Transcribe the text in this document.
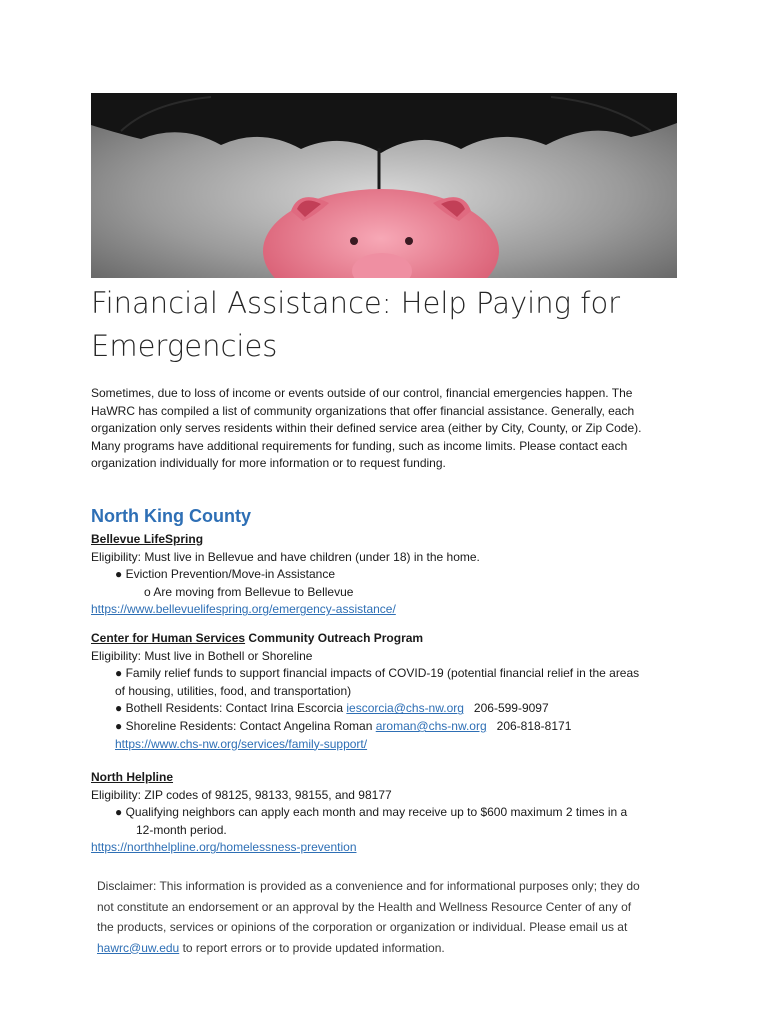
Financial Assistance: Help Paying for
Emergencies

Sometimes, due to loss of income or events outside of our control, financial emergencies happen. The
HaWRC has compiled a list of community organizations that offer financial assistance. Generally, each
organization only serves residents within their defined service area (either by City, County, or Zip Code).
Many programs have additional requirements for funding, such as income limits. Please contact each
organization individually for more information or to request funding.

North King County
Bellevue LifeSpring
Eligibility: Must live in Bellevue and have children (under 18) in the home.
● Eviction Prevention/Move-in Assistance
o Are moving from Bellevue to Bellevue
https://www.bellevuelifespring.org/emergency-assistance/
Center for Human Services Community Outreach Program
Eligibility: Must live in Bothell or Shoreline
● Family relief funds to support financial impacts of COVID-19 (potential financial relief in the areas
of housing, utilities, food, and transportation)
● Bothell Residents: Contact Irina Escorcia iescorcia@chs-nw.org 206-599-9097
● Shoreline Residents: Contact Angelina Roman aroman@chs-nw.org 206-818-8171
https://www.chs-nw.org/services/family-support/
North Helpline
Eligibility: ZIP codes of 98125, 98133, 98155, and 98177
● Qualifying neighbors can apply each month and may receive up to $600 maximum 2 times in a
12-month period.
https://northhelpline.org/homelessness-prevention

Disclaimer: This information is provided as a convenience and for informational purposes only; they do
not constitute an endorsement or an approval by the Health and Wellness Resource Center of any of
the products, services or opinions of the corporation or organization or individual. Please email us at
hawrc@uw.edu to report errors or to provide updated information.
